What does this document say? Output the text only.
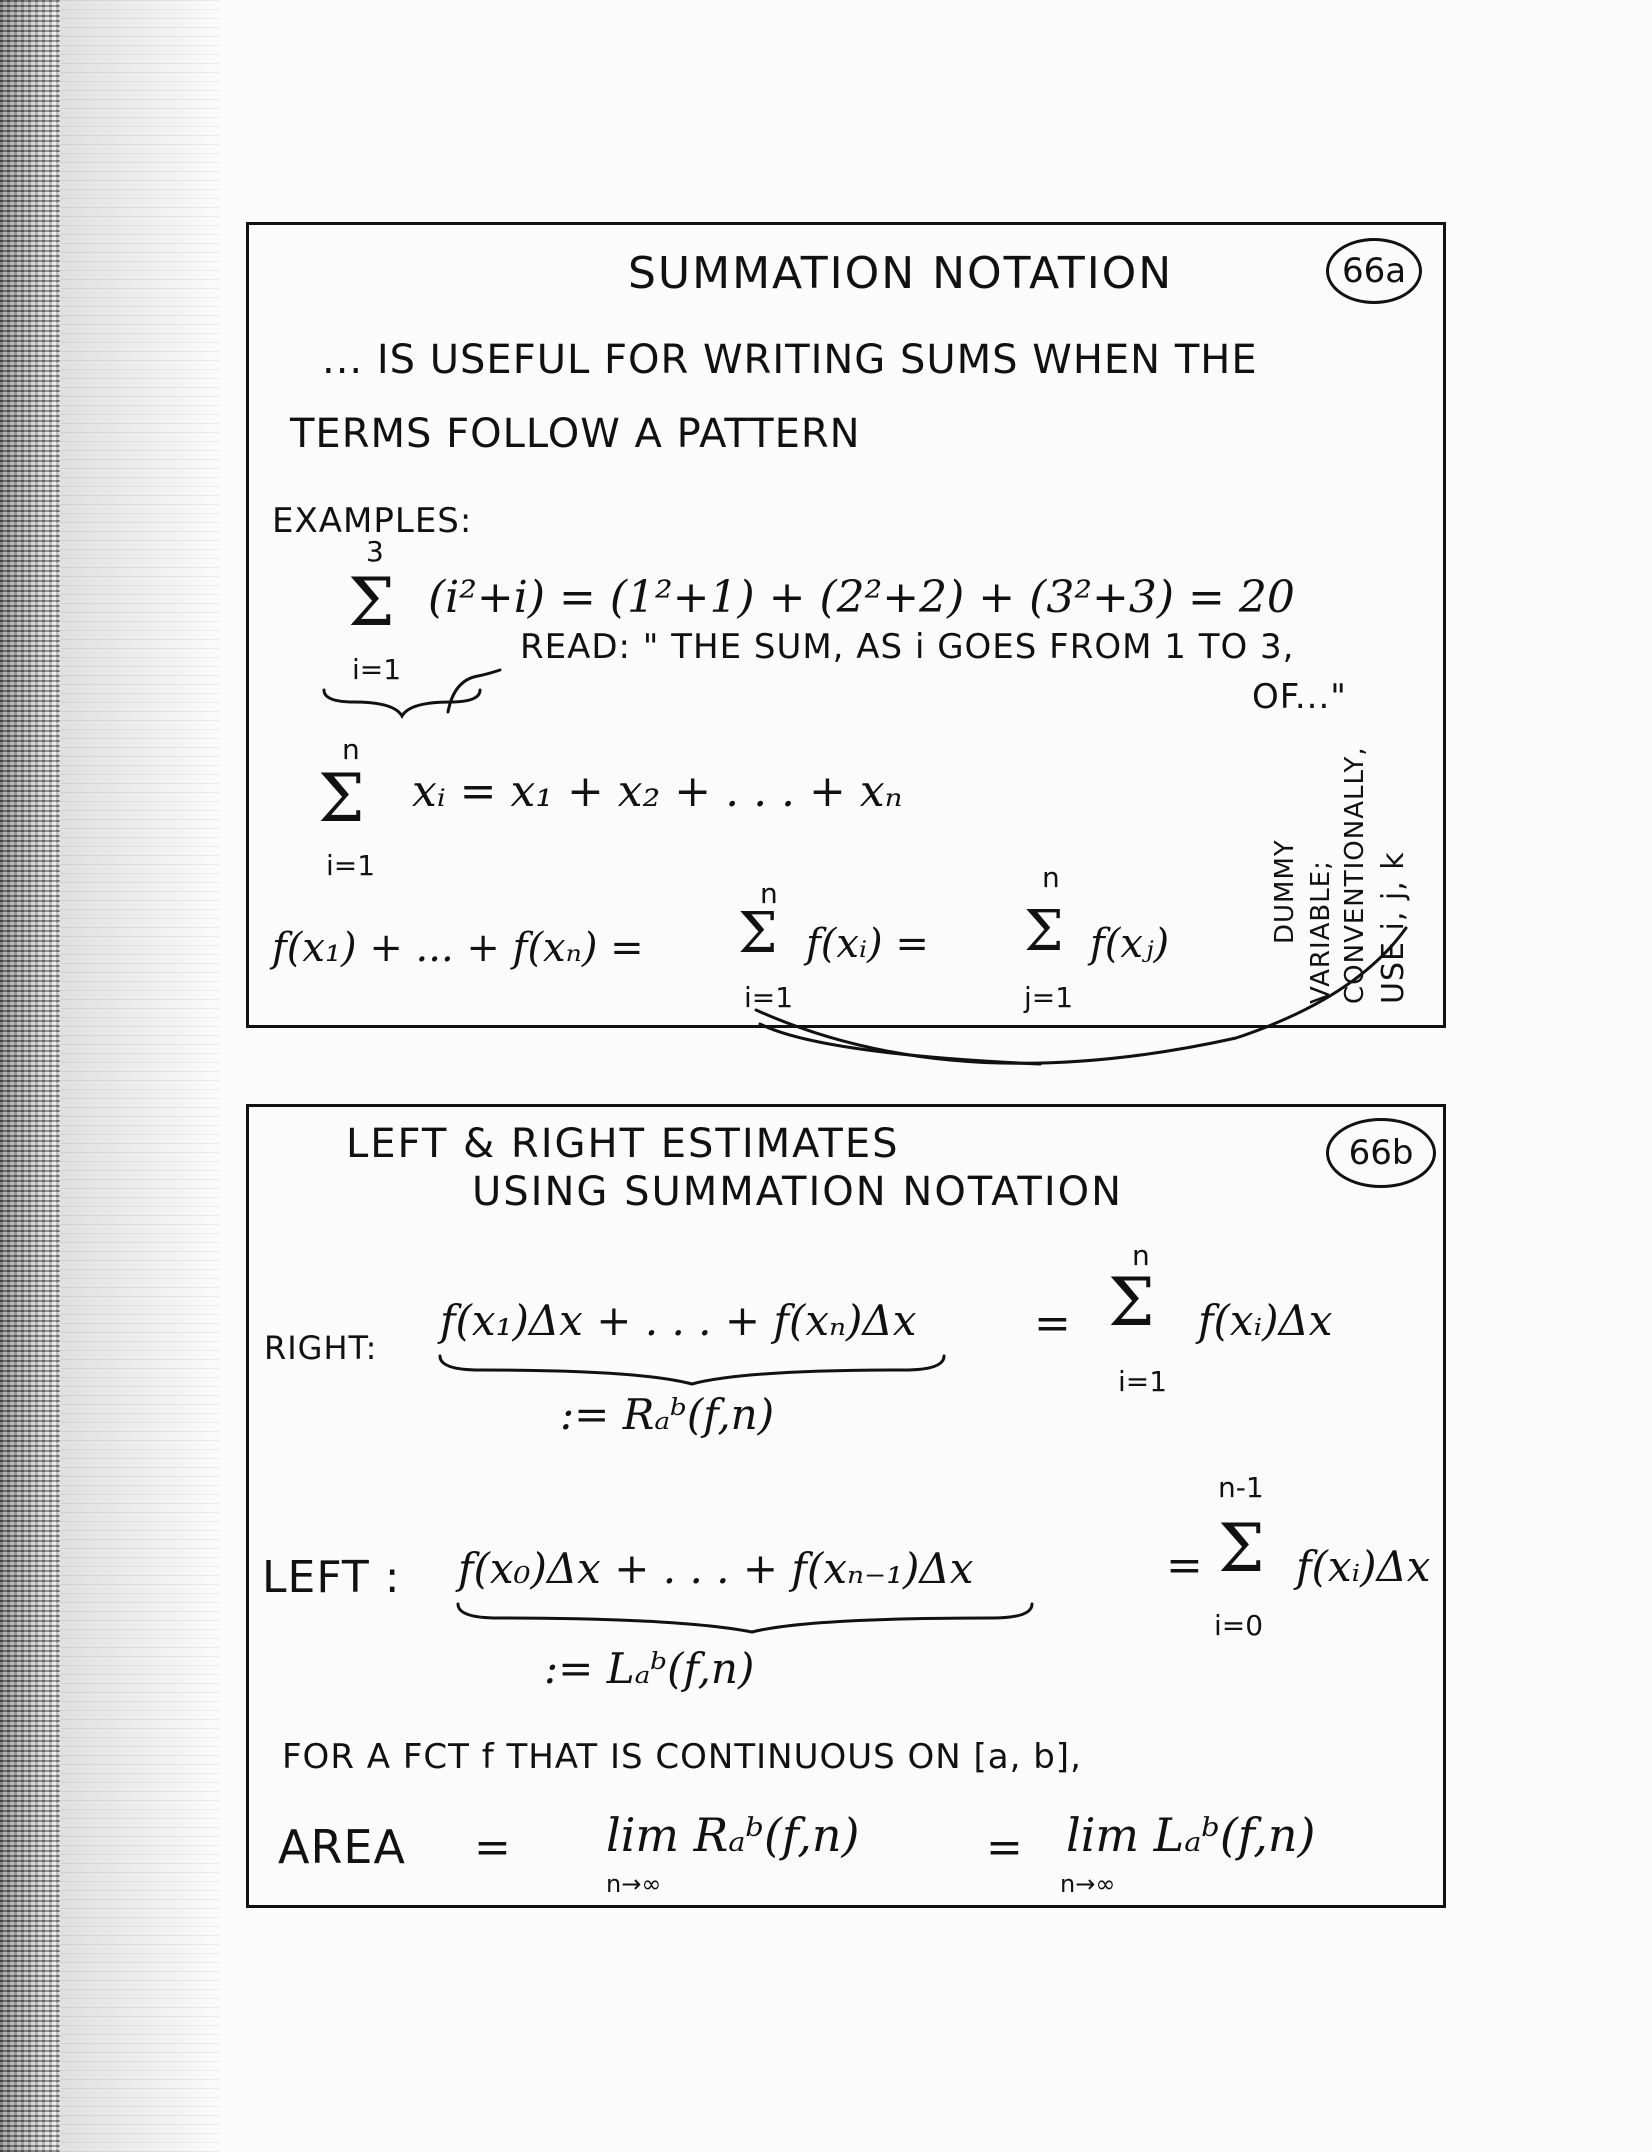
SUMMATION NOTATION	66a
... IS USEFUL FOR WRITING SUMS WHEN THE
TERMS FOLLOW A PATTERN
EXAMPLES:
3
Σ
i=1
(i²+i) = (1²+1) + (2²+2) + (3²+3) = 20
READ: " THE SUM, AS i GOES FROM 1 TO 3,
OF..."
n
Σ
i=1
xᵢ = x₁ + x₂ + . . . + xₙ
f(x₁) + ... + f(xₙ) =
n
Σ
i=1
f(xᵢ) =
n
Σ
j=1
f(xⱼ)	DUMMY VARIABLE; CONVENTIONALLY, USE i, j, k
LEFT & RIGHT ESTIMATES
USING SUMMATION NOTATION
66b
RIGHT:
f(x₁)Δx + . . . + f(xₙ)Δx	=
n
Σ
i=1
f(xᵢ)Δx
:= Rₐᵇ(f,n)
LEFT : f(x₀)Δx + . . . + f(xₙ₋₁)Δx	=
n-1
Σ
i=0
f(xᵢ)Δx
:= Lₐᵇ(f,n)
FOR A FCT f THAT IS CONTINUOUS ON [a, b],
AREA = lim Rₐᵇ(f,n)
n→∞
= lim Lₐᵇ(f,n)
n→∞
